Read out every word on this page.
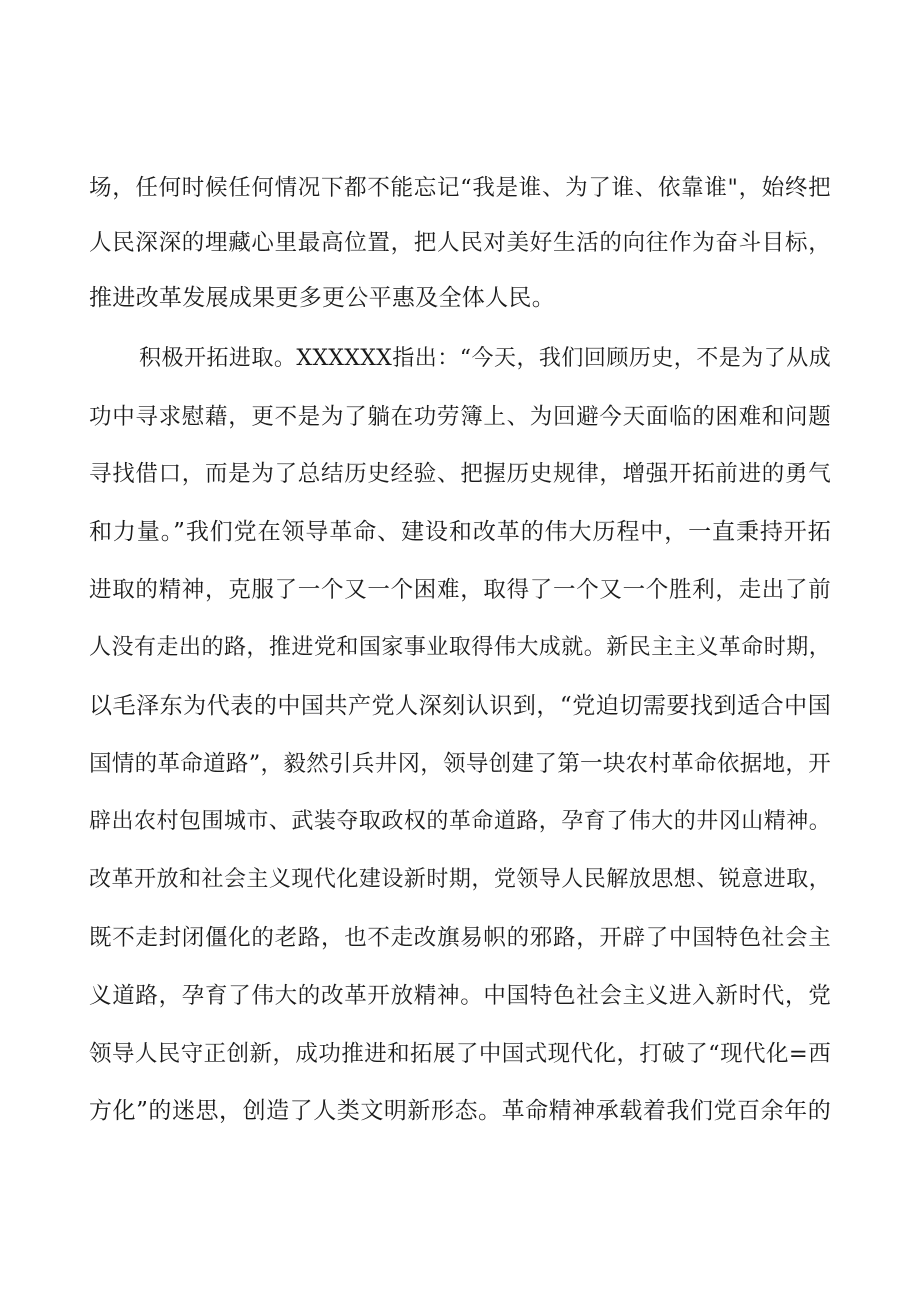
场，任何时候任何情况下都不能忘记“我是谁、为了谁、依靠谁"，始终把
人民深深的埋藏心里最高位置，把人民对美好生活的向往作为奋斗目标，
推进改革发展成果更多更公平惠及全体人民。
积极开拓进取。XXXXXX指出：“今天，我们回顾历史，不是为了从成
功中寻求慰藉，更不是为了躺在功劳簿上、为回避今天面临的困难和问题
寻找借口，而是为了总结历史经验、把握历史规律，增强开拓前进的勇气
和力量。”我们党在领导革命、建设和改革的伟大历程中，一直秉持开拓
进取的精神，克服了一个又一个困难，取得了一个又一个胜利，走出了前
人没有走出的路，推进党和国家事业取得伟大成就。新民主主义革命时期，
以毛泽东为代表的中国共产党人深刻认识到，“党迫切需要找到适合中国
国情的革命道路”，毅然引兵井冈，领导创建了第一块农村革命依据地，开
辟出农村包围城市、武装夺取政权的革命道路，孕育了伟大的井冈山精神。
改革开放和社会主义现代化建设新时期，党领导人民解放思想、锐意进取，
既不走封闭僵化的老路，也不走改旗易帜的邪路，开辟了中国特色社会主
义道路，孕育了伟大的改革开放精神。中国特色社会主义进入新时代，党
领导人民守正创新，成功推进和拓展了中国式现代化，打破了“现代化=西
方化”的迷思，创造了人类文明新形态。革命精神承载着我们党百余年的
